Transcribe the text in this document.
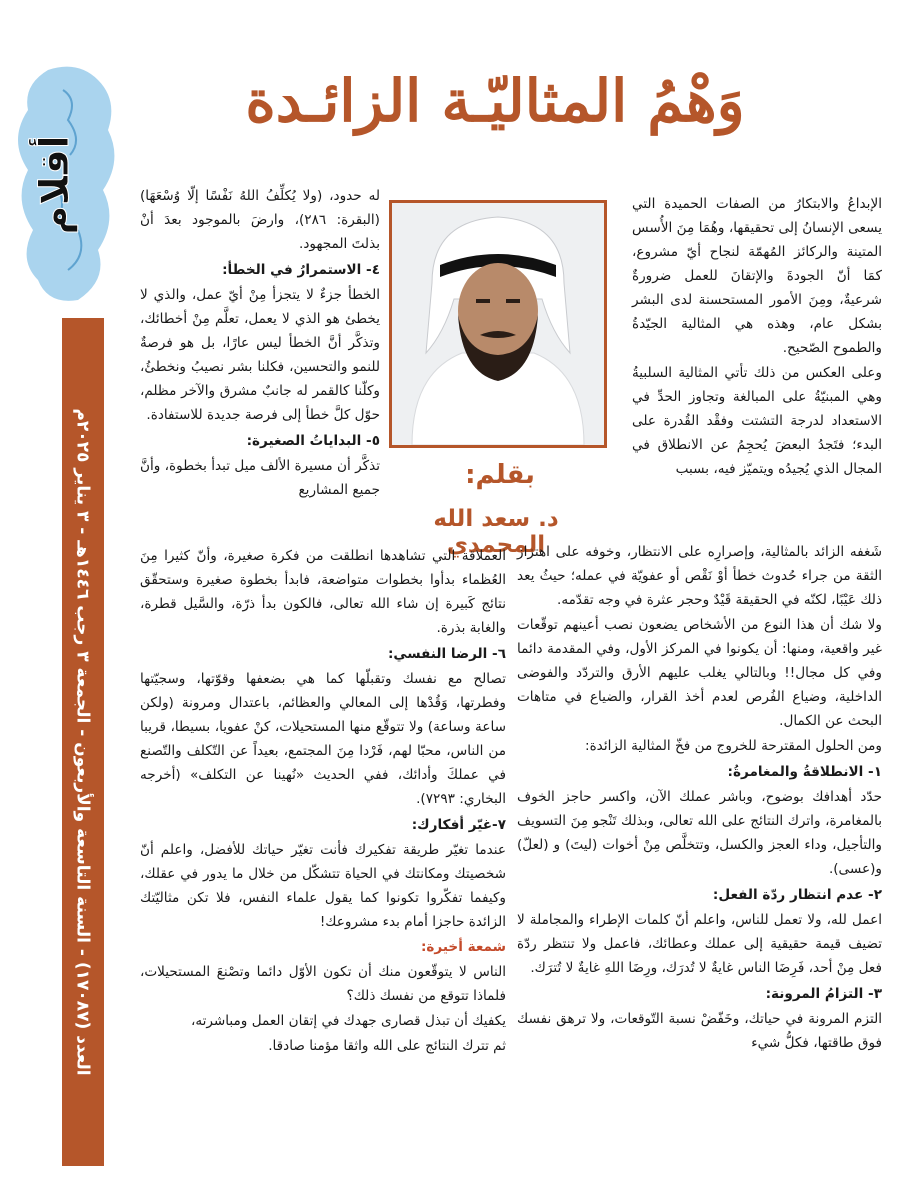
أقلام
العدد (١٧٠٨٧) - السنة التاسعة والأربعون - الجمعة ٣ رجب ١٤٤٦هـ - ٣ يناير ٢٠٢٥م
وَهْمُ المثاليّـة الزائـدة
بقلم:
د. سعد الله المحمدي

الإبداعُ والابتكارُ من الصفات الحميدة التي يسعى الإنسانُ إلى تحقيقها، وهُمَا مِنَ الأُسس المتينة والركائز المُهمّة لنجاح أيّ مشروع، كمَا أنّ الجودةَ والإتقانَ للعمل ضرورةٌ شرعيةٌ، ومِنَ الأمور المستحسنة لدى البشر بشكل عام، وهذه هي المثالية الجيّدةُ والطموح الصّحيح.

وعلى العكس من ذلك تأتي المثالية السلبيةُ وهي المبنيّةُ على المبالغة وتجاوز الحدِّ في الاستعداد لدرجة التشتت وفقْد القُدرة على البدء؛ فتَجدُ البعضَ يُحجِمُ عن الانطلاق في المجال الذي يُجيدُه ويتميّز فيه، بسبب

له حدود، (ولا يُكلِّفُ اللهُ نَفْسًا إلّا وُسْعَهَا) (البقرة: ٢٨٦)، وارضَ بالموجود بعدَ أنْ بذلتَ المجهود.

٤- الاستمرارُ في الخطأ:

الخطأ جزءٌ لا يتجزأ مِنْ أيّ عمل، والذي لا يخطئ هو الذي لا يعمل، تعلَّم مِنْ أخطائك، وتذكَّر أنَّ الخطأ ليس عارًا، بل هو فرصةٌ للنمو والتحسين، فكلنا بشر نصيبُ ونخطئُ، وكلّنا كالقمر له جانبٌ مشرق والآخر مظلم، حوّل كلَّ خطأ إلى فرصة جديدة للاستفادة.

٥- البداياتُ الصغيرة:

تذكَّر أن مسيرة الألف ميل تبدأ بخطوة، وأنَّ جميع المشاريع

شَغفه الزائد بالمثالية، وإصرارِه على الانتظار، وخوفه على اهتزاز الثقة من جراء حُدوث خطأ أوْ نَقْص أو عفويّة في عمله؛ حيثُ يعد ذلك عَيْبًا، لكنّه في الحقيقة قَيْدٌ وحجر عثرة في وجه تقدّمه.

ولا شك أن هذا النوع من الأشخاص يضعون نصب أعينهم توقّعات غير واقعية، ومنها: أن يكونوا في المركز الأول، وفي المقدمة دائما وفي كل مجال!! وبالتالي يغلب عليهم الأرق والتردّد والفوضى الداخلية، وضياع الفُرص لعدم أخذ القرار، والضياع في متاهات البحث عن الكمال.

ومن الحلول المقترحة للخروج من فخّ المثالية الزائدة:

١- الانطلاقةُ والمغامرةُ:

حدّد أهدافك بوضوح، وباشر عملك الآن، واكسر حاجز الخوف بالمغامرة، واترك النتائج على الله تعالى، وبذلك تَنْجو مِنَ التسويف والتأجيل، وداء العجز والكسل، وتتخلَّص مِنْ أخوات (ليتَ) و (لعلّ) و(عسى).

٢- عدم انتظار ردّة الفعل:

اعمل لله، ولا تعمل للناس، واعلم أنّ كلمات الإطراء والمجاملة لا تضيف قيمة حقيقية إلى عملك وعطائك، فاعمل ولا تنتظر ردّة فعل مِنْ أحد، فَرِضَا الناس غايةٌ لا تُدرَك، ورِضَا اللهِ غايةٌ لا تُترَك.

٣- التزامُ المرونة:

التزم المرونة في حياتك، وخَفّضْ نسبة التّوقعات، ولا ترهق نفسك فوق طاقتها، فكلُّ شيء

العملاقة التي تشاهدها انطلقت من فكرة صغيرة، وأنّ كثيرا مِنَ العُظماء بدأوا بخطوات متواضعة، فابدأ بخطوة صغيرة وستحقّق نتائج كَبيرة إن شاء الله تعالى، فالكون بدأ ذرّة، والسَّيل قطرة، والغابة بذرة.

٦- الرضا النفسي:

تصالح مع نفسك وتقبلّها كما هي بضعفها وقوّتها، وسجيّتها وفطرتها، وَقُدْها إلى المعالي والعظائم، باعتدال ومرونة (ولكن ساعة وساعة) ولا تتوقّع منها المستحيلات، كنْ عفويا، بسيطا، قريبا من الناس، محبّا لهم، فَرْدا مِنَ المجتمع، بعيداً عن التّكلف والتّصنع في عملكَ وأدائك، ففي الحديث «نُهينا عن التكلف» (أخرجه البخاري: ٧٢٩٣).

٧-غيّر أفكارك:

عندما تغيّر طريقة تفكيرك فأنت تغيّر حياتك للأفضل، واعلم أنّ شخصيتك ومكانتك في الحياة تتشكّل من خلال ما يدور في عقلك، وكيفما تفكّروا تكونوا كما يقول علماء النفس، فلا تكن مثاليّتك الزائدة حاجزا أمام بدء مشروعك!

شمعة أخيرة:

الناس لا يتوقّعون منك أن تكون الأوّل دائما وتصْنعَ المستحيلات، فلماذا تتوقع من نفسك ذلك؟

يكفيك أن تبذل قصارى جهدك في إتقان العمل ومباشرته،

ثم تترك النتائج على الله واثقا مؤمنا صادقا.
